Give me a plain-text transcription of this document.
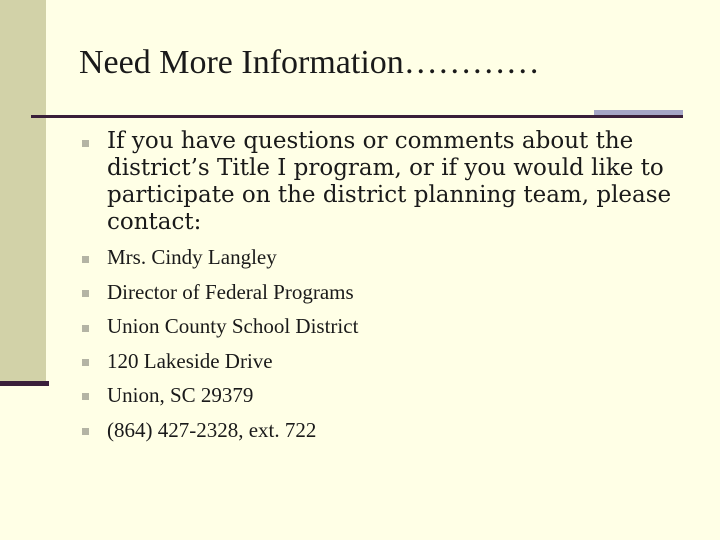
Need More Information…………
If you have questions or comments about the district’s Title I program, or if you would like to participate on the district planning team, please contact:
Mrs. Cindy Langley
Director of Federal Programs
Union County School District
120 Lakeside Drive
Union, SC 29379
(864) 427-2328, ext. 722
